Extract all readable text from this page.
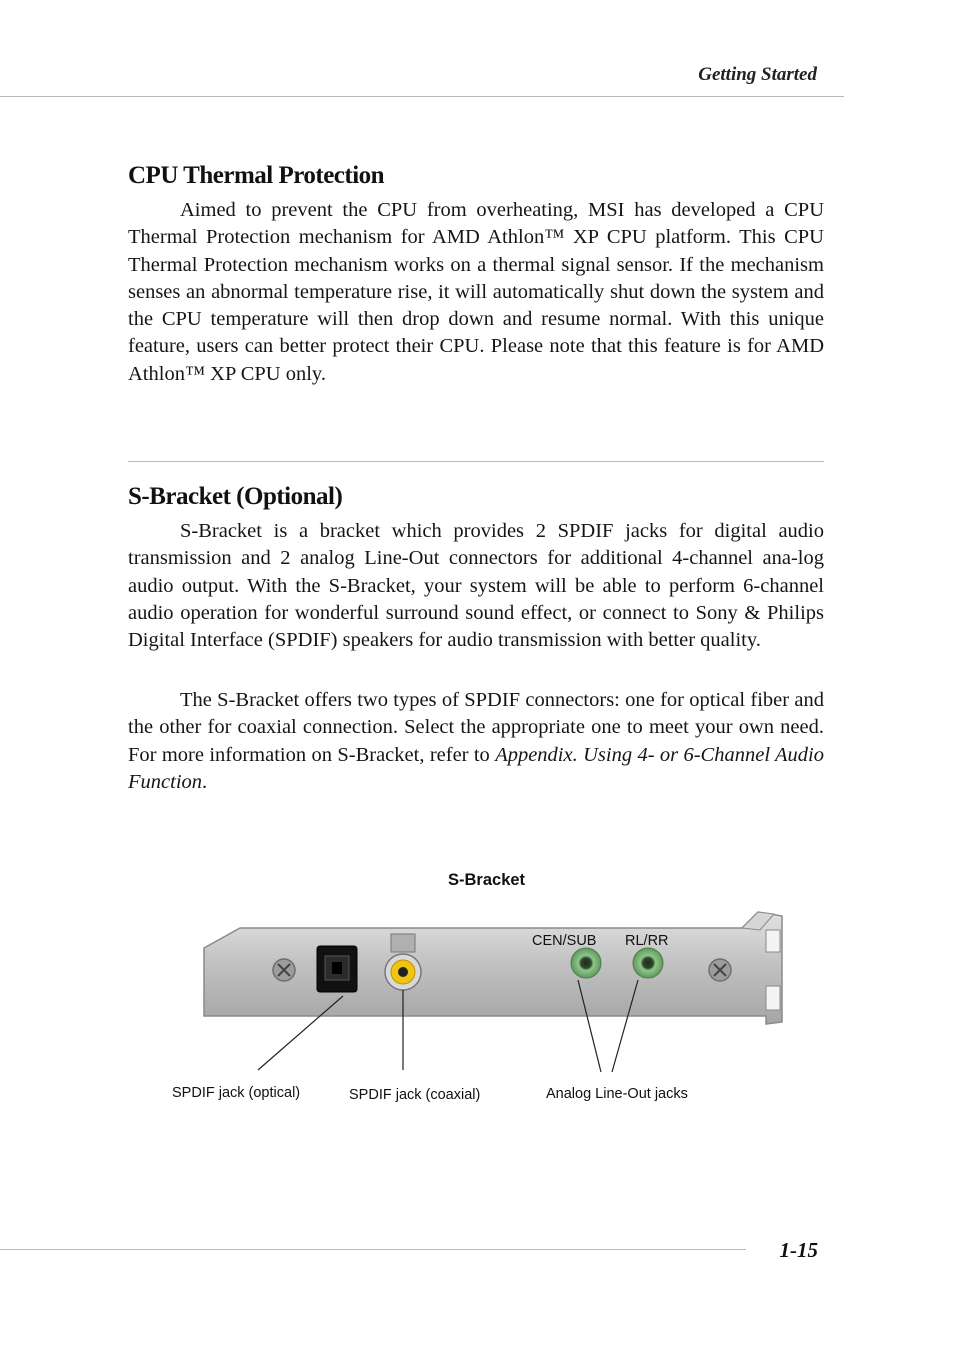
Getting Started
CPU Thermal Protection

Aimed to prevent the CPU from overheating, MSI has developed a CPU Thermal Protection mechanism for AMD Athlon™ XP CPU platform. This CPU Thermal Protection mechanism works on a thermal signal sensor. If the mechanism senses an abnormal temperature rise, it will automatically shut down the system and the CPU temperature will then drop down and resume normal. With this unique feature, users can better protect their CPU. Please note that this feature is for AMD Athlon™ XP CPU only.

S-Bracket (Optional)

S-Bracket is a bracket which provides 2 SPDIF jacks for digital audio transmission and 2 analog Line-Out connectors for additional 4-channel ana-log audio output. With the S-Bracket, your system will be able to perform 6-channel audio operation for wonderful surround sound effect, or connect to Sony & Philips Digital Interface (SPDIF) speakers for audio transmission with better quality.

The S-Bracket offers two types of SPDIF connectors: one for optical fiber and the other for coaxial connection. Select the appropriate one to meet your own need. For more information on S-Bracket, refer to Appendix. Using 4- or 6-Channel Audio Function.

S-Bracket
CEN/SUB RL/RR
SPDIF jack (optical)	SPDIF jack (coaxial)	Analog Line-Out jacks
1-15
